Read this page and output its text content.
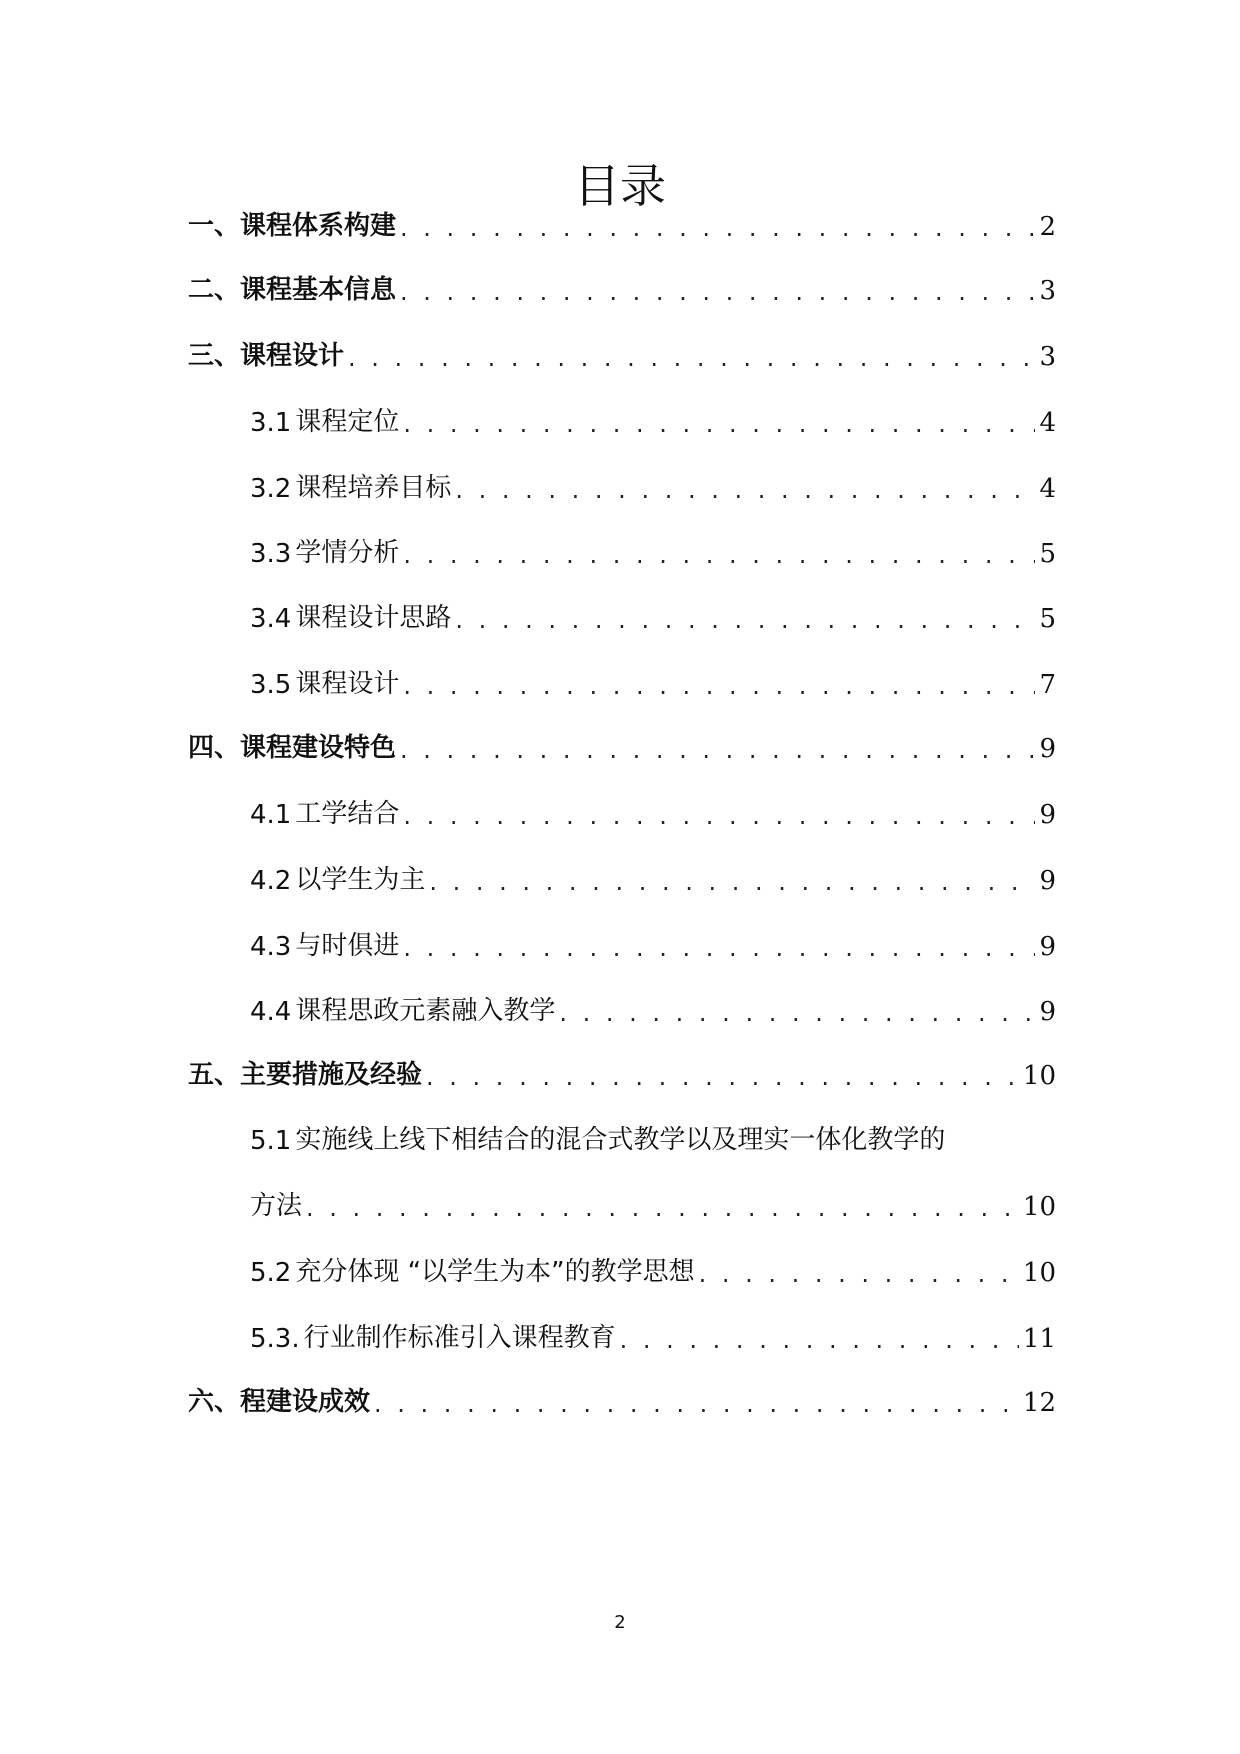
目录
一、 课程体系构建 . . .	2
二、 课程基本信息 . . .	3
三、 课程设计 . . .	3
3.1 课程定位 . . .	4
3.2 课程培养目标 . . .	4
3.3 学情分析 . . .	5
3.4 课程设计思路 . . .	5
3.5 课程设计 . . .	7
四、 课程建设特色 . . .	9
4.1 工学结合 . . .	9
4.2 以学生为主 . . .	9
4.3 与时俱进 . . .	9
4.4 课程思政元素融入教学 . . .	9
五、 主要措施及经验 . . .	10
5.1 实施线上线下相结合的混合式教学以及理实一体化教学的
方法 . . .	10
5.2 充分体现 “以学生为本”的教学思想 . . .	10
5.3. 行业制作标准引入课程教育 . . .	11
六、 程建设成效 . . .	12
2
